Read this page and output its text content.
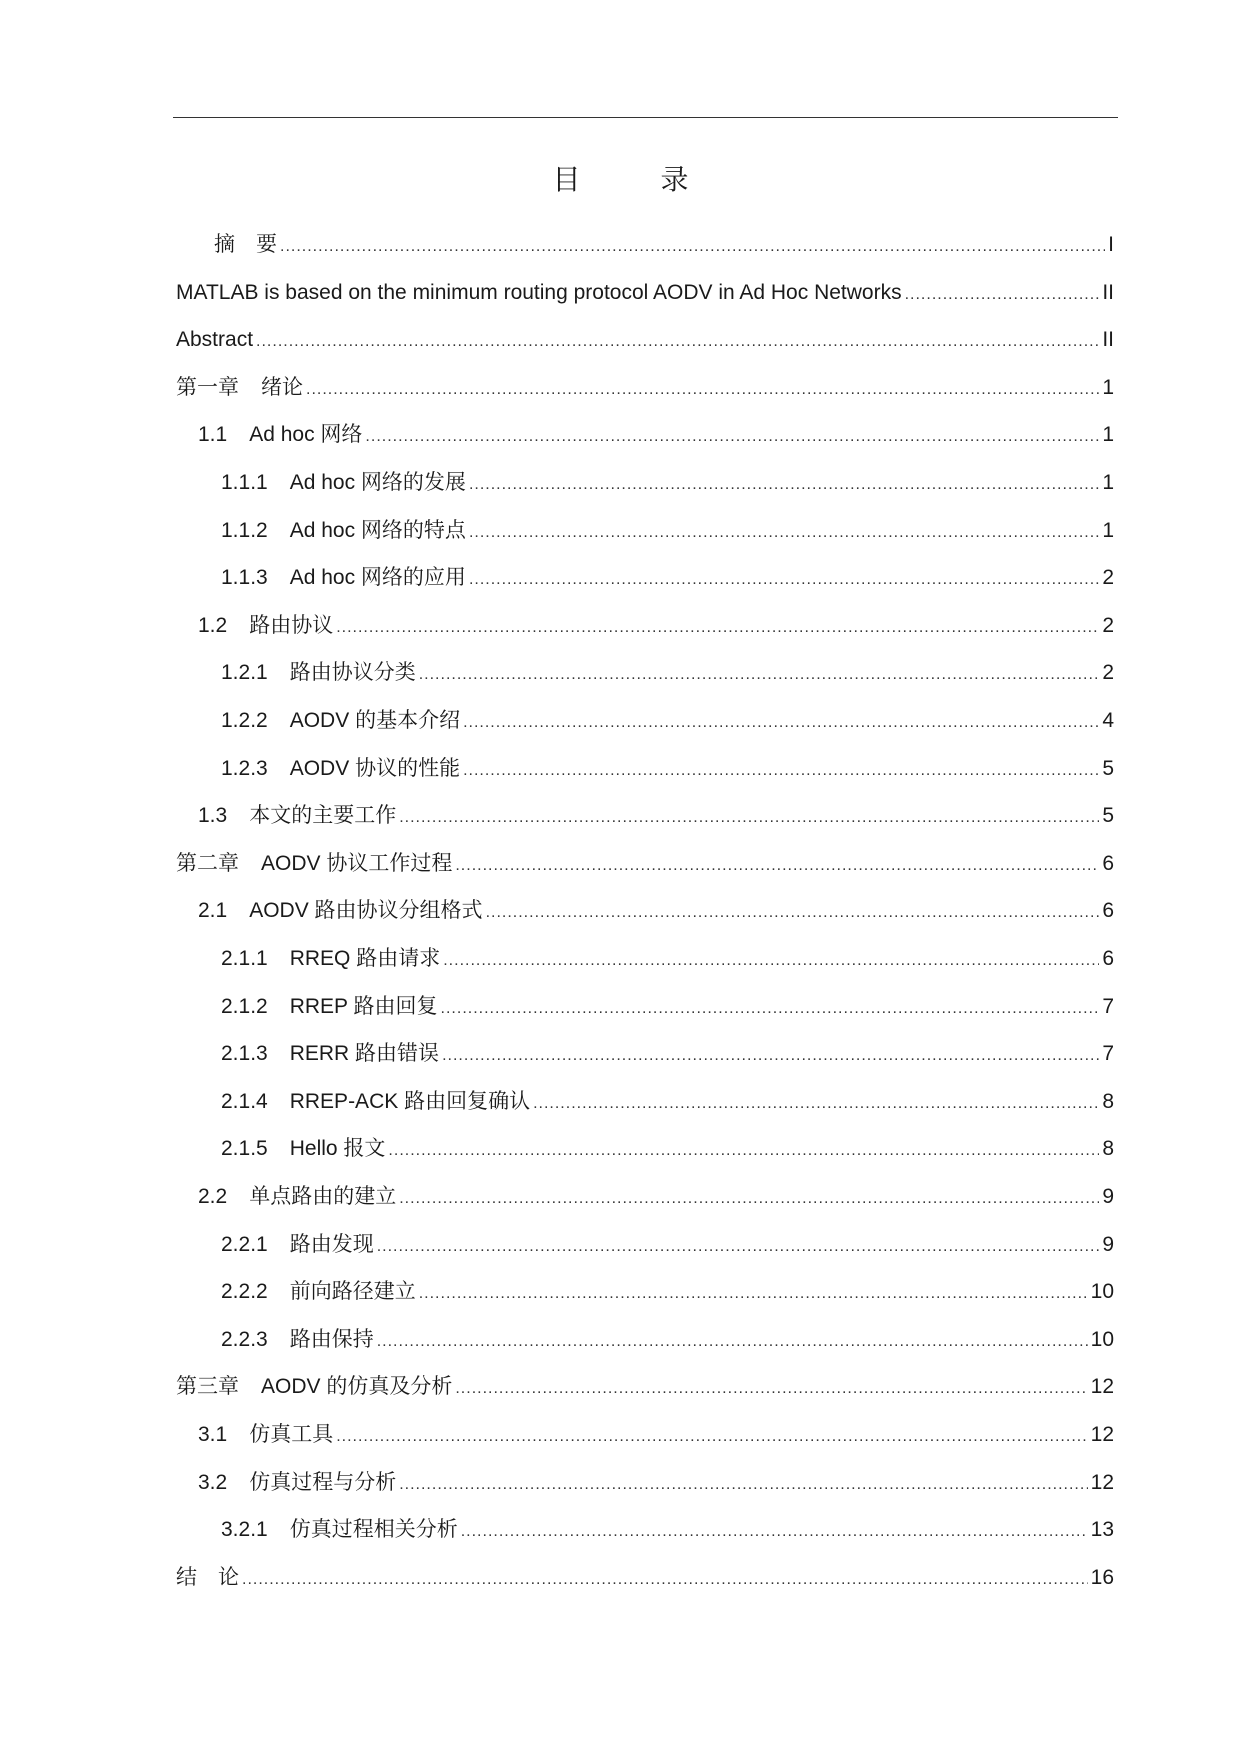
目　录
摘　要 .....	I
MATLAB is based on the minimum routing protocol AODV in Ad Hoc Networks .....	II
Abstract .....	II
第一章 绪论 .....	1
1.1 Ad hoc 网络 .....	1
1.1.1 Ad hoc 网络的发展 .....	1
1.1.2 Ad hoc 网络的特点 .....	1
1.1.3 Ad hoc 网络的应用 .....	2
1.2 路由协议 .....	2
1.2.1 路由协议分类 .....	2
1.2.2 AODV 的基本介绍 .....	4
1.2.3 AODV 协议的性能 .....	5
1.3 本文的主要工作 .....	5
第二章 AODV 协议工作过程 .....	6
2.1 AODV 路由协议分组格式 .....	6
2.1.1 RREQ 路由请求 .....	6
2.1.2 RREP 路由回复 .....	7
2.1.3 RERR 路由错误 .....	7
2.1.4 RREP-ACK 路由回复确认 .....	8
2.1.5 Hello 报文 .....	8
2.2 单点路由的建立 .....	9
2.2.1 路由发现 .....	9
2.2.2 前向路径建立 .....	10
2.2.3 路由保持 .....	10
第三章 AODV 的仿真及分析 .....	12
3.1 仿真工具 .....	12
3.2 仿真过程与分析 .....	12
3.2.1 仿真过程相关分析 .....	13
结　论 .....	16
